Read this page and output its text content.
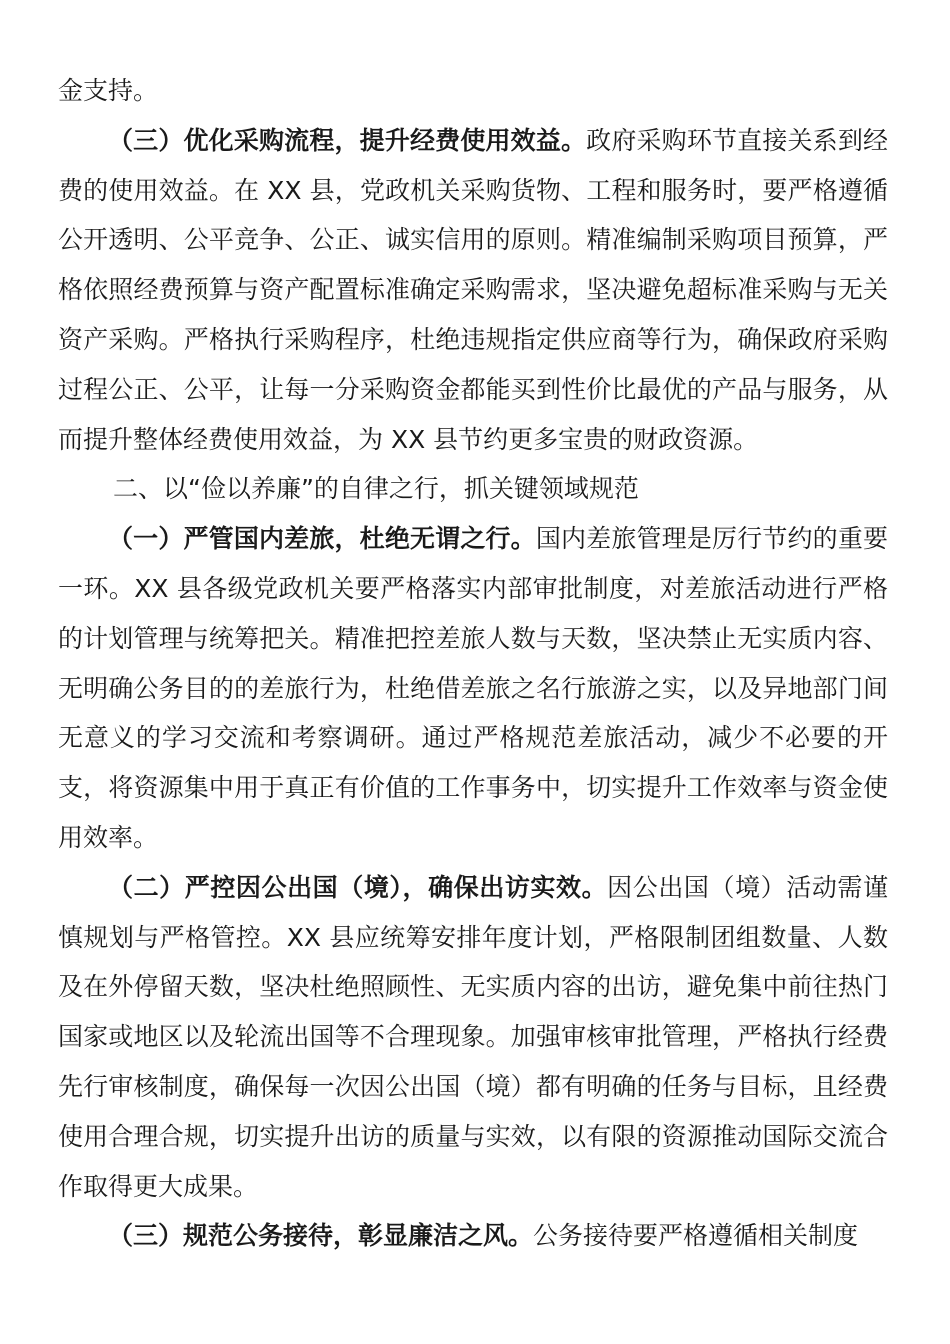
金支持。

（三）优化采购流程，提升经费使用效益。政府采购环节直接关系到经费的使用效益。在 XX 县，党政机关采购货物、工程和服务时，要严格遵循公开透明、公平竞争、公正、诚实信用的原则。精准编制采购项目预算，严格依照经费预算与资产配置标准确定采购需求，坚决避免超标准采购与无关资产采购。严格执行采购程序，杜绝违规指定供应商等行为，确保政府采购过程公正、公平，让每一分采购资金都能买到性价比最优的产品与服务，从而提升整体经费使用效益，为 XX 县节约更多宝贵的财政资源。

二、以“俭以养廉”的自律之行，抓关键领域规范

（一）严管国内差旅，杜绝无谓之行。国内差旅管理是厉行节约的重要一环。XX 县各级党政机关要严格落实内部审批制度，对差旅活动进行严格的计划管理与统筹把关。精准把控差旅人数与天数，坚决禁止无实质内容、无明确公务目的的差旅行为，杜绝借差旅之名行旅游之实，以及异地部门间无意义的学习交流和考察调研。通过严格规范差旅活动，减少不必要的开支，将资源集中用于真正有价值的工作事务中，切实提升工作效率与资金使用效率。

（二）严控因公出国（境），确保出访实效。因公出国（境）活动需谨慎规划与严格管控。XX 县应统筹安排年度计划，严格限制团组数量、人数及在外停留天数，坚决杜绝照顾性、无实质内容的出访，避免集中前往热门国家或地区以及轮流出国等不合理现象。加强审核审批管理，严格执行经费先行审核制度，确保每一次因公出国（境）都有明确的任务与目标，且经费使用合理合规，切实提升出访的质量与实效，以有限的资源推动国际交流合作取得更大成果。

（三）规范公务接待，彰显廉洁之风。公务接待要严格遵循相关制度
